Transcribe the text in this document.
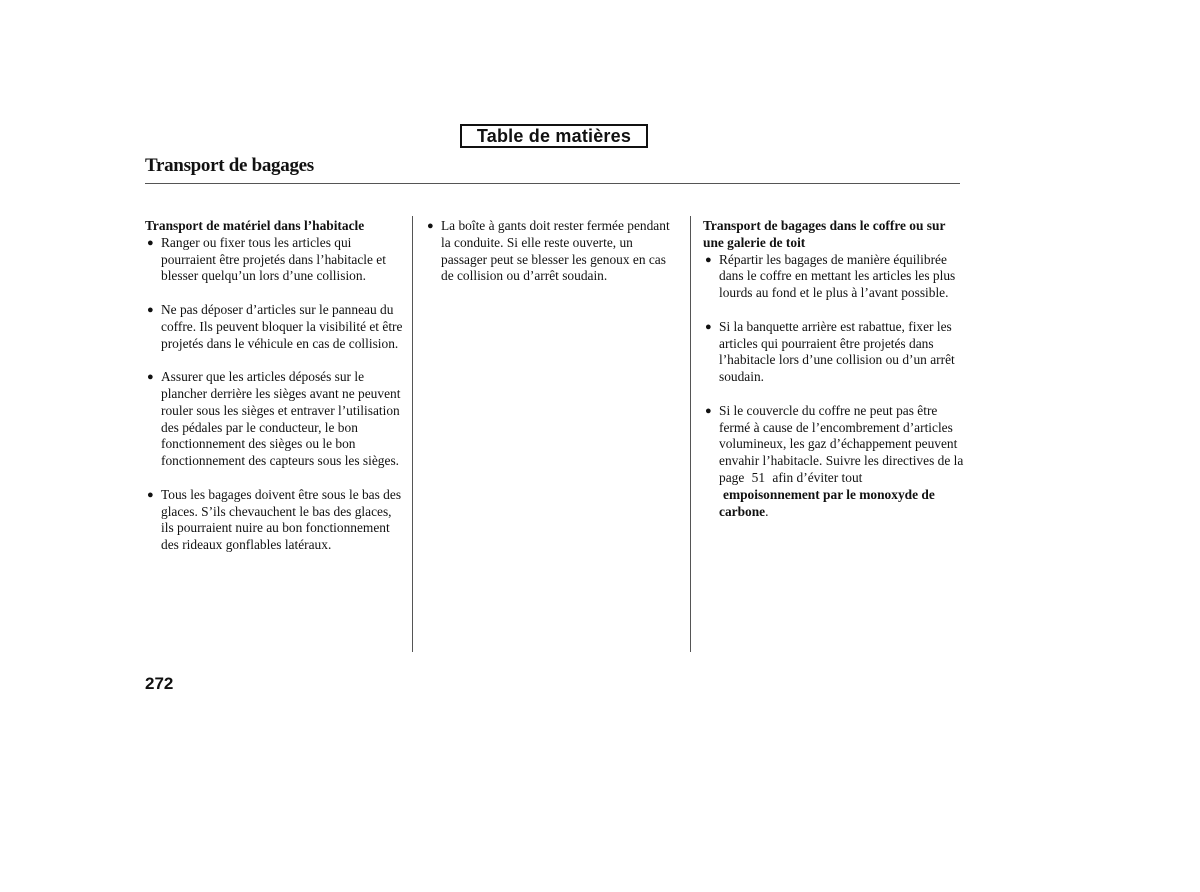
Table de matières
Transport de bagages
Transport de matériel dans l’habitacle
● Ranger ou fixer tous les articles qui pourraient être projetés dans l’habitacle et blesser quelqu’un lors d’une collision.
● Ne pas déposer d’articles sur le panneau du coffre. Ils peuvent bloquer la visibilité et être projetés dans le véhicule en cas de collision.
● Assurer que les articles déposés sur le plancher derrière les sièges avant ne peuvent rouler sous les sièges et entraver l’utilisation des pédales par le conducteur, le bon fonctionnement des sièges ou le bon fonctionnement des capteurs sous les sièges.
● Tous les bagages doivent être sous le bas des glaces. S’ils chevauchent le bas des glaces, ils pourraient nuire au bon fonctionnement des rideaux gonflables latéraux.
● La boîte à gants doit rester fermée pendant la conduite. Si elle reste ouverte, un passager peut se blesser les genoux en cas de collision ou d’arrêt soudain.
Transport de bagages dans le coffre ou sur une galerie de toit
● Répartir les bagages de manière équilibrée dans le coffre en mettant les articles les plus lourds au fond et le plus à l’avant possible.
● Si la banquette arrière est rabattue, fixer les articles qui pourraient être projetés dans l’habitacle lors d’une collision ou d’un arrêt soudain.
● Si le couvercle du coffre ne peut pas être fermé à cause de l’encombrement d’articles volumineux, les gaz d’échappement peuvent envahir l’habitacle. Suivre les directives de la page 51 afin d’éviter tout empoisonnement par le monoxyde de carbone.
272
